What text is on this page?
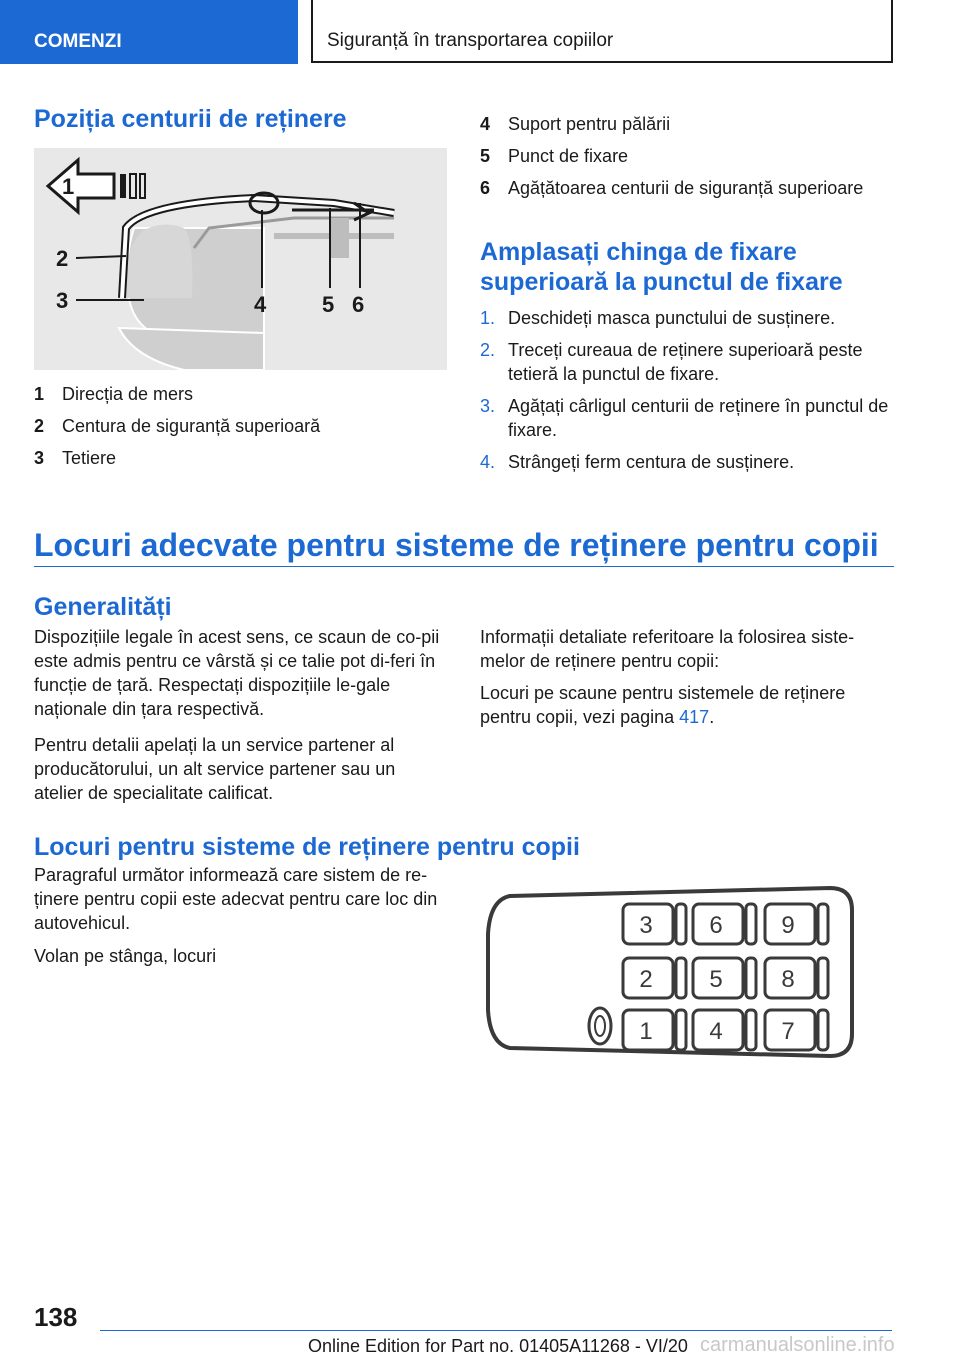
COMENZI	Siguranță în transportarea copiilor
Poziția centurii de reținere
1
2
3	4	5 6
1 Direcția de mers
2 Centura de siguranță superioară
3 Tetiere
4 Suport pentru pălării
5 Punct de fixare
6 Agățătoarea centurii de siguranță superioare
Amplasați chinga de fixare
superioară la punctul de fixare
1. Deschideți masca punctului de susținere.
2. Treceți cureaua de reținere superioară peste tetieră la punctul de fixare.
3. Agățați cârligul centurii de reținere în punctul de fixare.
4. Strângeți ferm centura de susținere.
Locuri adecvate pentru sisteme de reținere pentru copii
Generalități

Dispozițiile legale în acest sens, ce scaun de co-pii este admis pentru ce vârstă și ce talie pot di-feri în funcție de țară. Respectați dispozițiile le-gale naționale din țara respectivă.

Pentru detalii apelați la un service partener al producătorului, un alt service partener sau un atelier de specialitate calificat.

Informații detaliate referitoare la folosirea siste-melor de reținere pentru copii:

Locuri pe scaune pentru sistemele de reținere pentru copii, vezi pagina 417.

Locuri pentru sisteme de reținere pentru copii

Paragraful următor informează care sistem de re-ținere pentru copii este adecvat pentru care loc din autovehicul.

Volan pe stânga, locuri

3 6 9
2 5 8
1 4 7
138
Online Edition for Part no. 01405A11268 - VI/20 carmanualsonline.info
